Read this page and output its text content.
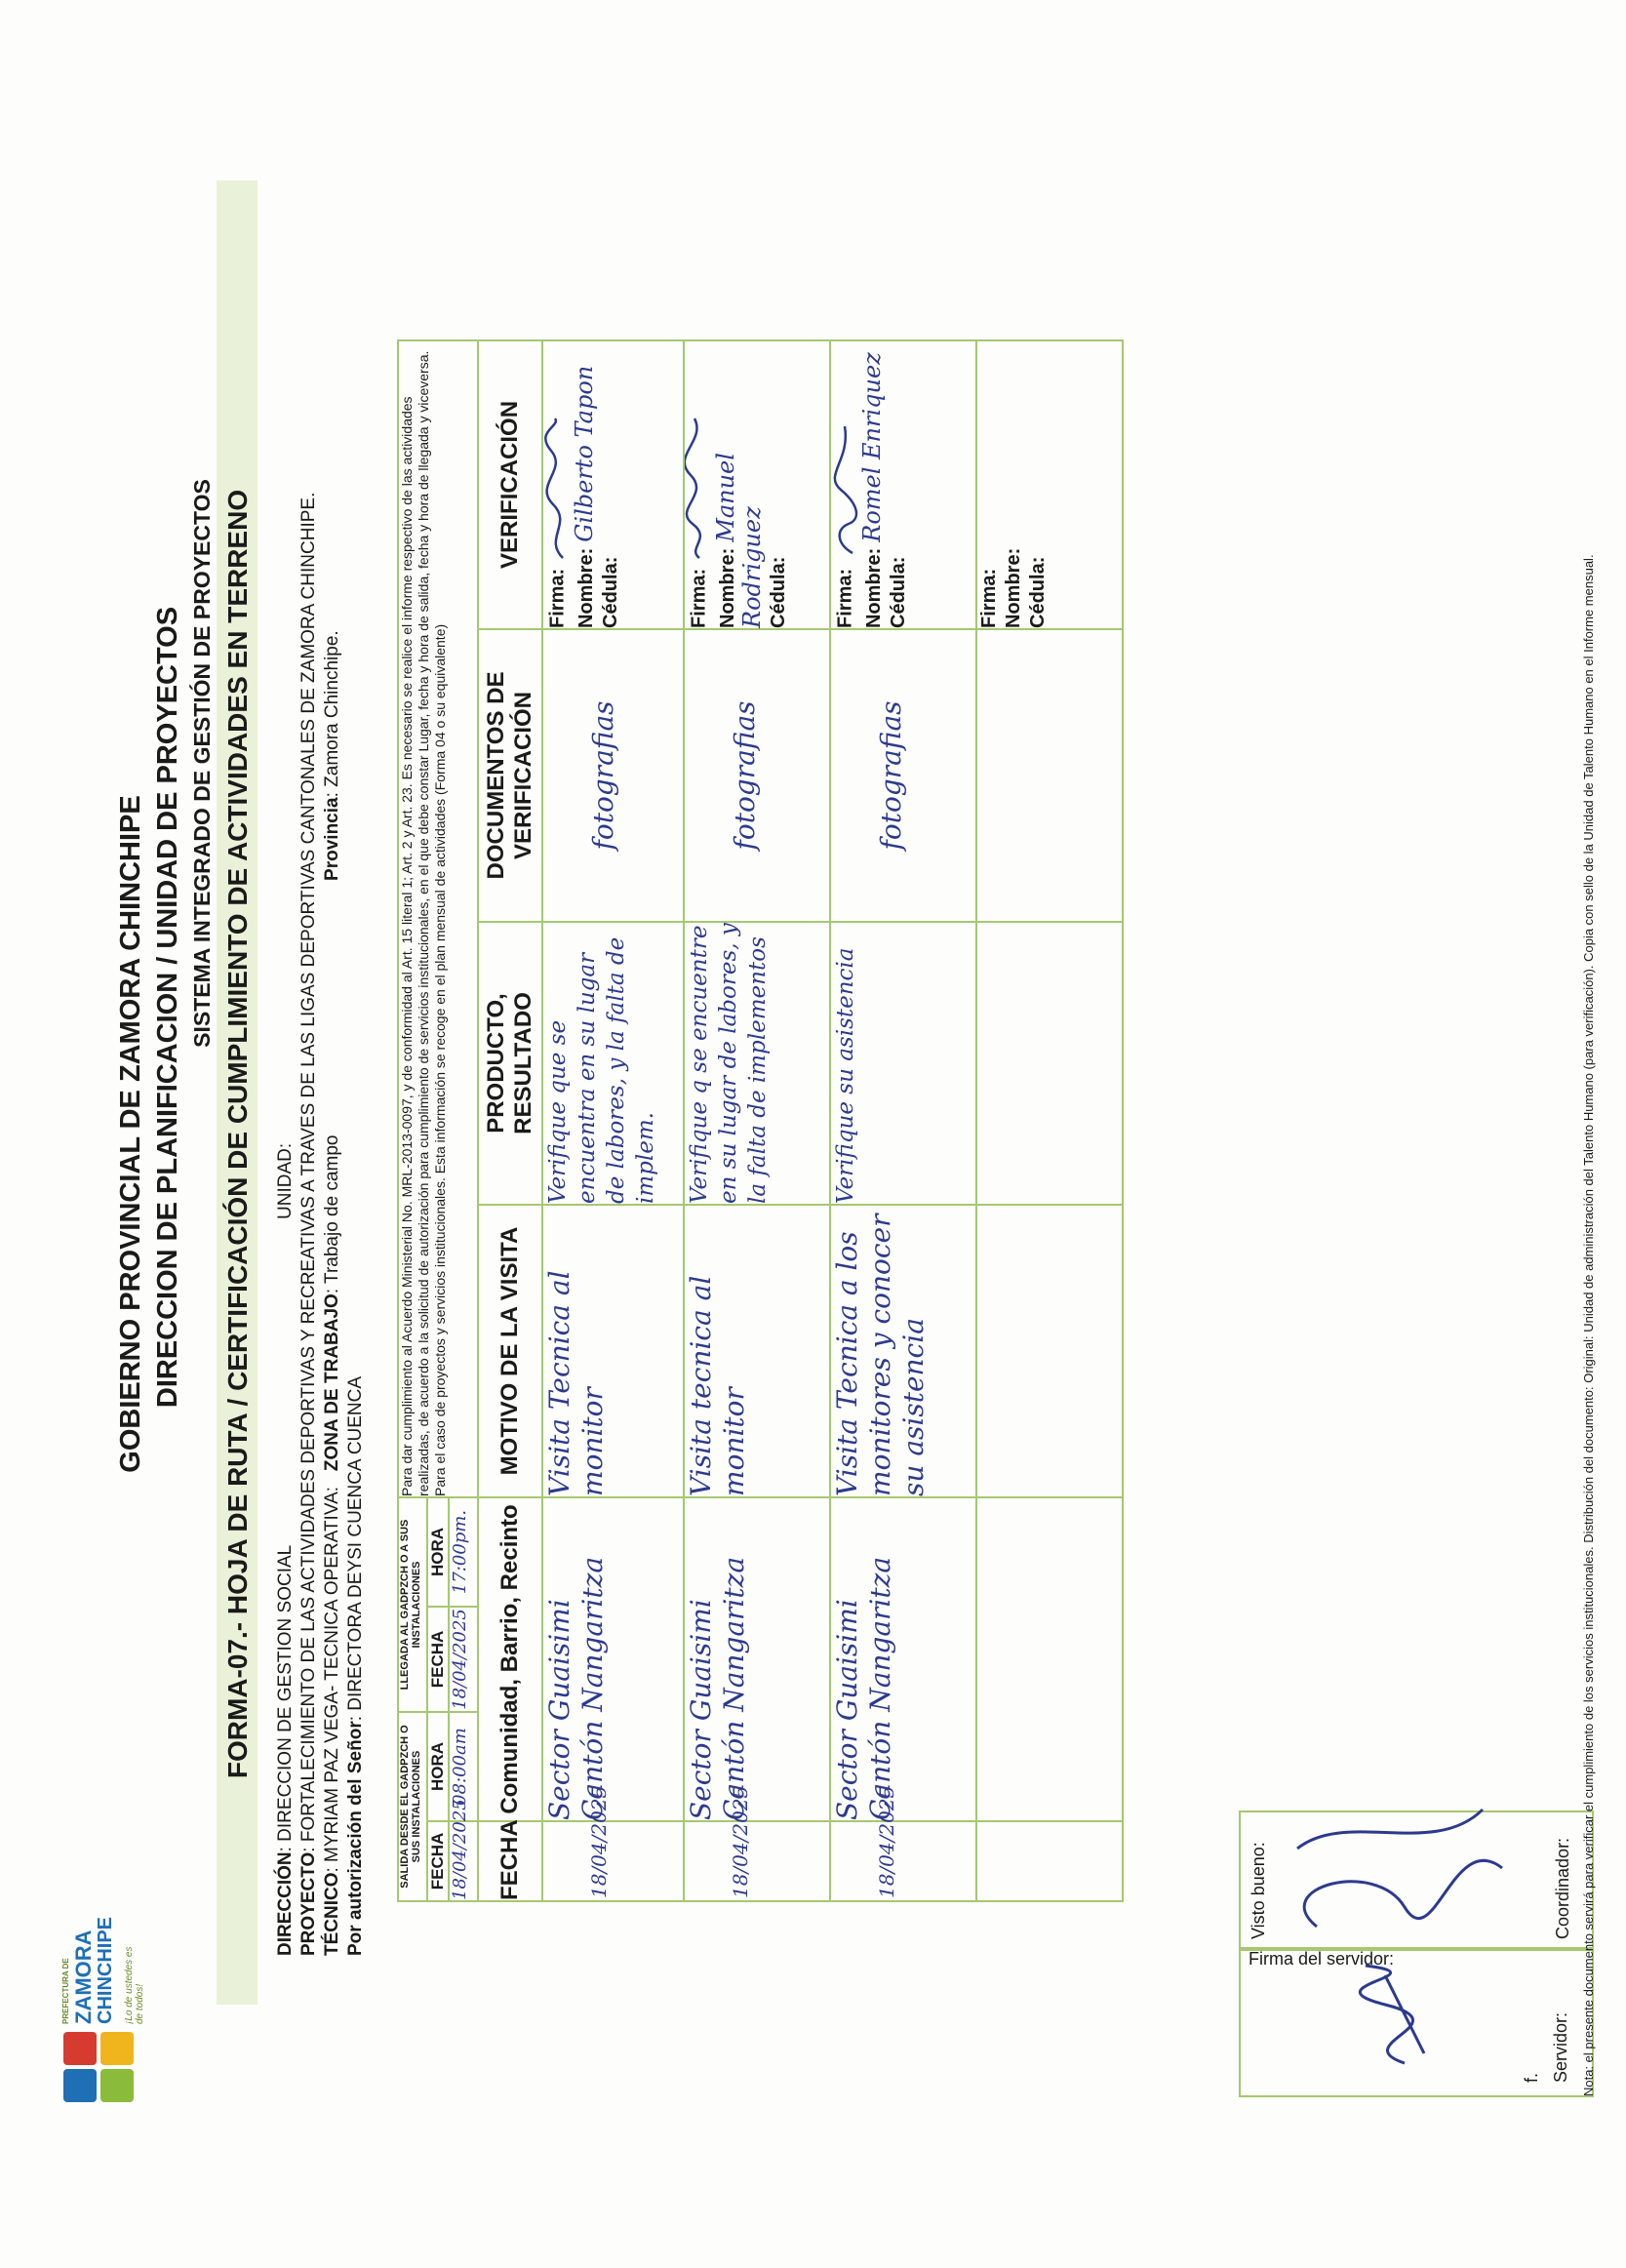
PREFECTURA DE ZAMORA CHINCHIPE ¡Lo de ustedes es de todos!
GOBIERNO PROVINCIAL DE ZAMORA CHINCHIPE DIRECCION DE PLANIFICACION / UNIDAD DE PROYECTOS SISTEMA INTEGRADO DE GESTIÓN DE PROYECTOS FORMA-07.- HOJA DE RUTA / CERTIFICACIÓN DE CUMPLIMIENTO DE ACTIVIDADES EN TERRENO
DIRECCIÓN: DIRECCION DE GESTION SOCIAL
UNIDAD:
PROYECTO: FORTALECIMIENTO DE LAS ACTIVIDADES DEPORTIVAS Y RECREATIVAS A TRAVES DE LAS LIGAS DEPORTIVAS CANTONALES DE ZAMORA CHINCHIPE.
TÉCNICO: MYRIAM PAZ VEGA- TECNICA OPERATIVA:   ZONA DE TRABAJO: Trabajo de campo  Provincia: Zamora Chinchipe.
Por autorización del Señor: DIRECTORA DEYSI CUENCA CUENCA
SALIDA DESDE EL GADPZCH O SUS INSTALACIONES		LLEGADA AL GADPZCH O A SUS INSTALACIONES		Para dar cumplimiento al Acuerdo Ministerial No. MRL-2013-0097, y de conformidad al Art. 15 literal 1; Art. 2 y Art. 23. Es necesario se realice el informe respectivo de las actividades realizadas, de acuerdo a la solicitud de autorización para cumplimiento de servicios institucionales, en el que debe constar Lugar, fecha y hora de salida, fecha y hora de llegada y viceversa. Para el caso de proyectos y servicios institucionales. Esta información se recoge en el plan mensual de actividades (Forma 04 o su equivalente)			
FECHA	HORA	FECHA	HORA				
18/04/2025	08:00am	18/04/2025	17:00pm.				
FECHA	Comunidad, Barrio, Recinto			MOTIVO DE LA VISITA	PRODUCTO, RESULTADO	DOCUMENTOS DE VERIFICACIÓN	VERIFICACIÓN
18/04/2025	Sector Guaisimi Cantón Nangaritza			Visita Tecnica al monitor	Verifique que se encuentra en su lugar de labores, y la falta de implem.	fotografias	Firma: Nombre:Gilberto Tapon
Cédula:

18/04/2025	Sector Guaisimi Cantón Nangaritza			Visita tecnica al monitor	Verifique q se encuentre en su lugar de labores, y la falta de implementos	fotografias	Firma: Nombre:Manuel Rodriguez Cédula:

18/04/2025	Sector Guaisimi Cantón Nangaritza			Visita Tecnica a los monitores y conocer su asistencia	Verifique su asistencia	fotografias	Firma: Nombre:Romel Enriquez
Cédula:

							Firma: Nombre: Cédula:
Firma del servidor:
f. Servidor:
Visto bueno:	Coordinador: Nota: el presente documento servirá para verificar el cumplimiento de los servicios institucionales. Distribución del documento: Original: Unidad de administración del Talento Humano (para verificación). Copia con sello de la Unidad de Talento Humano en el Informe mensual.
